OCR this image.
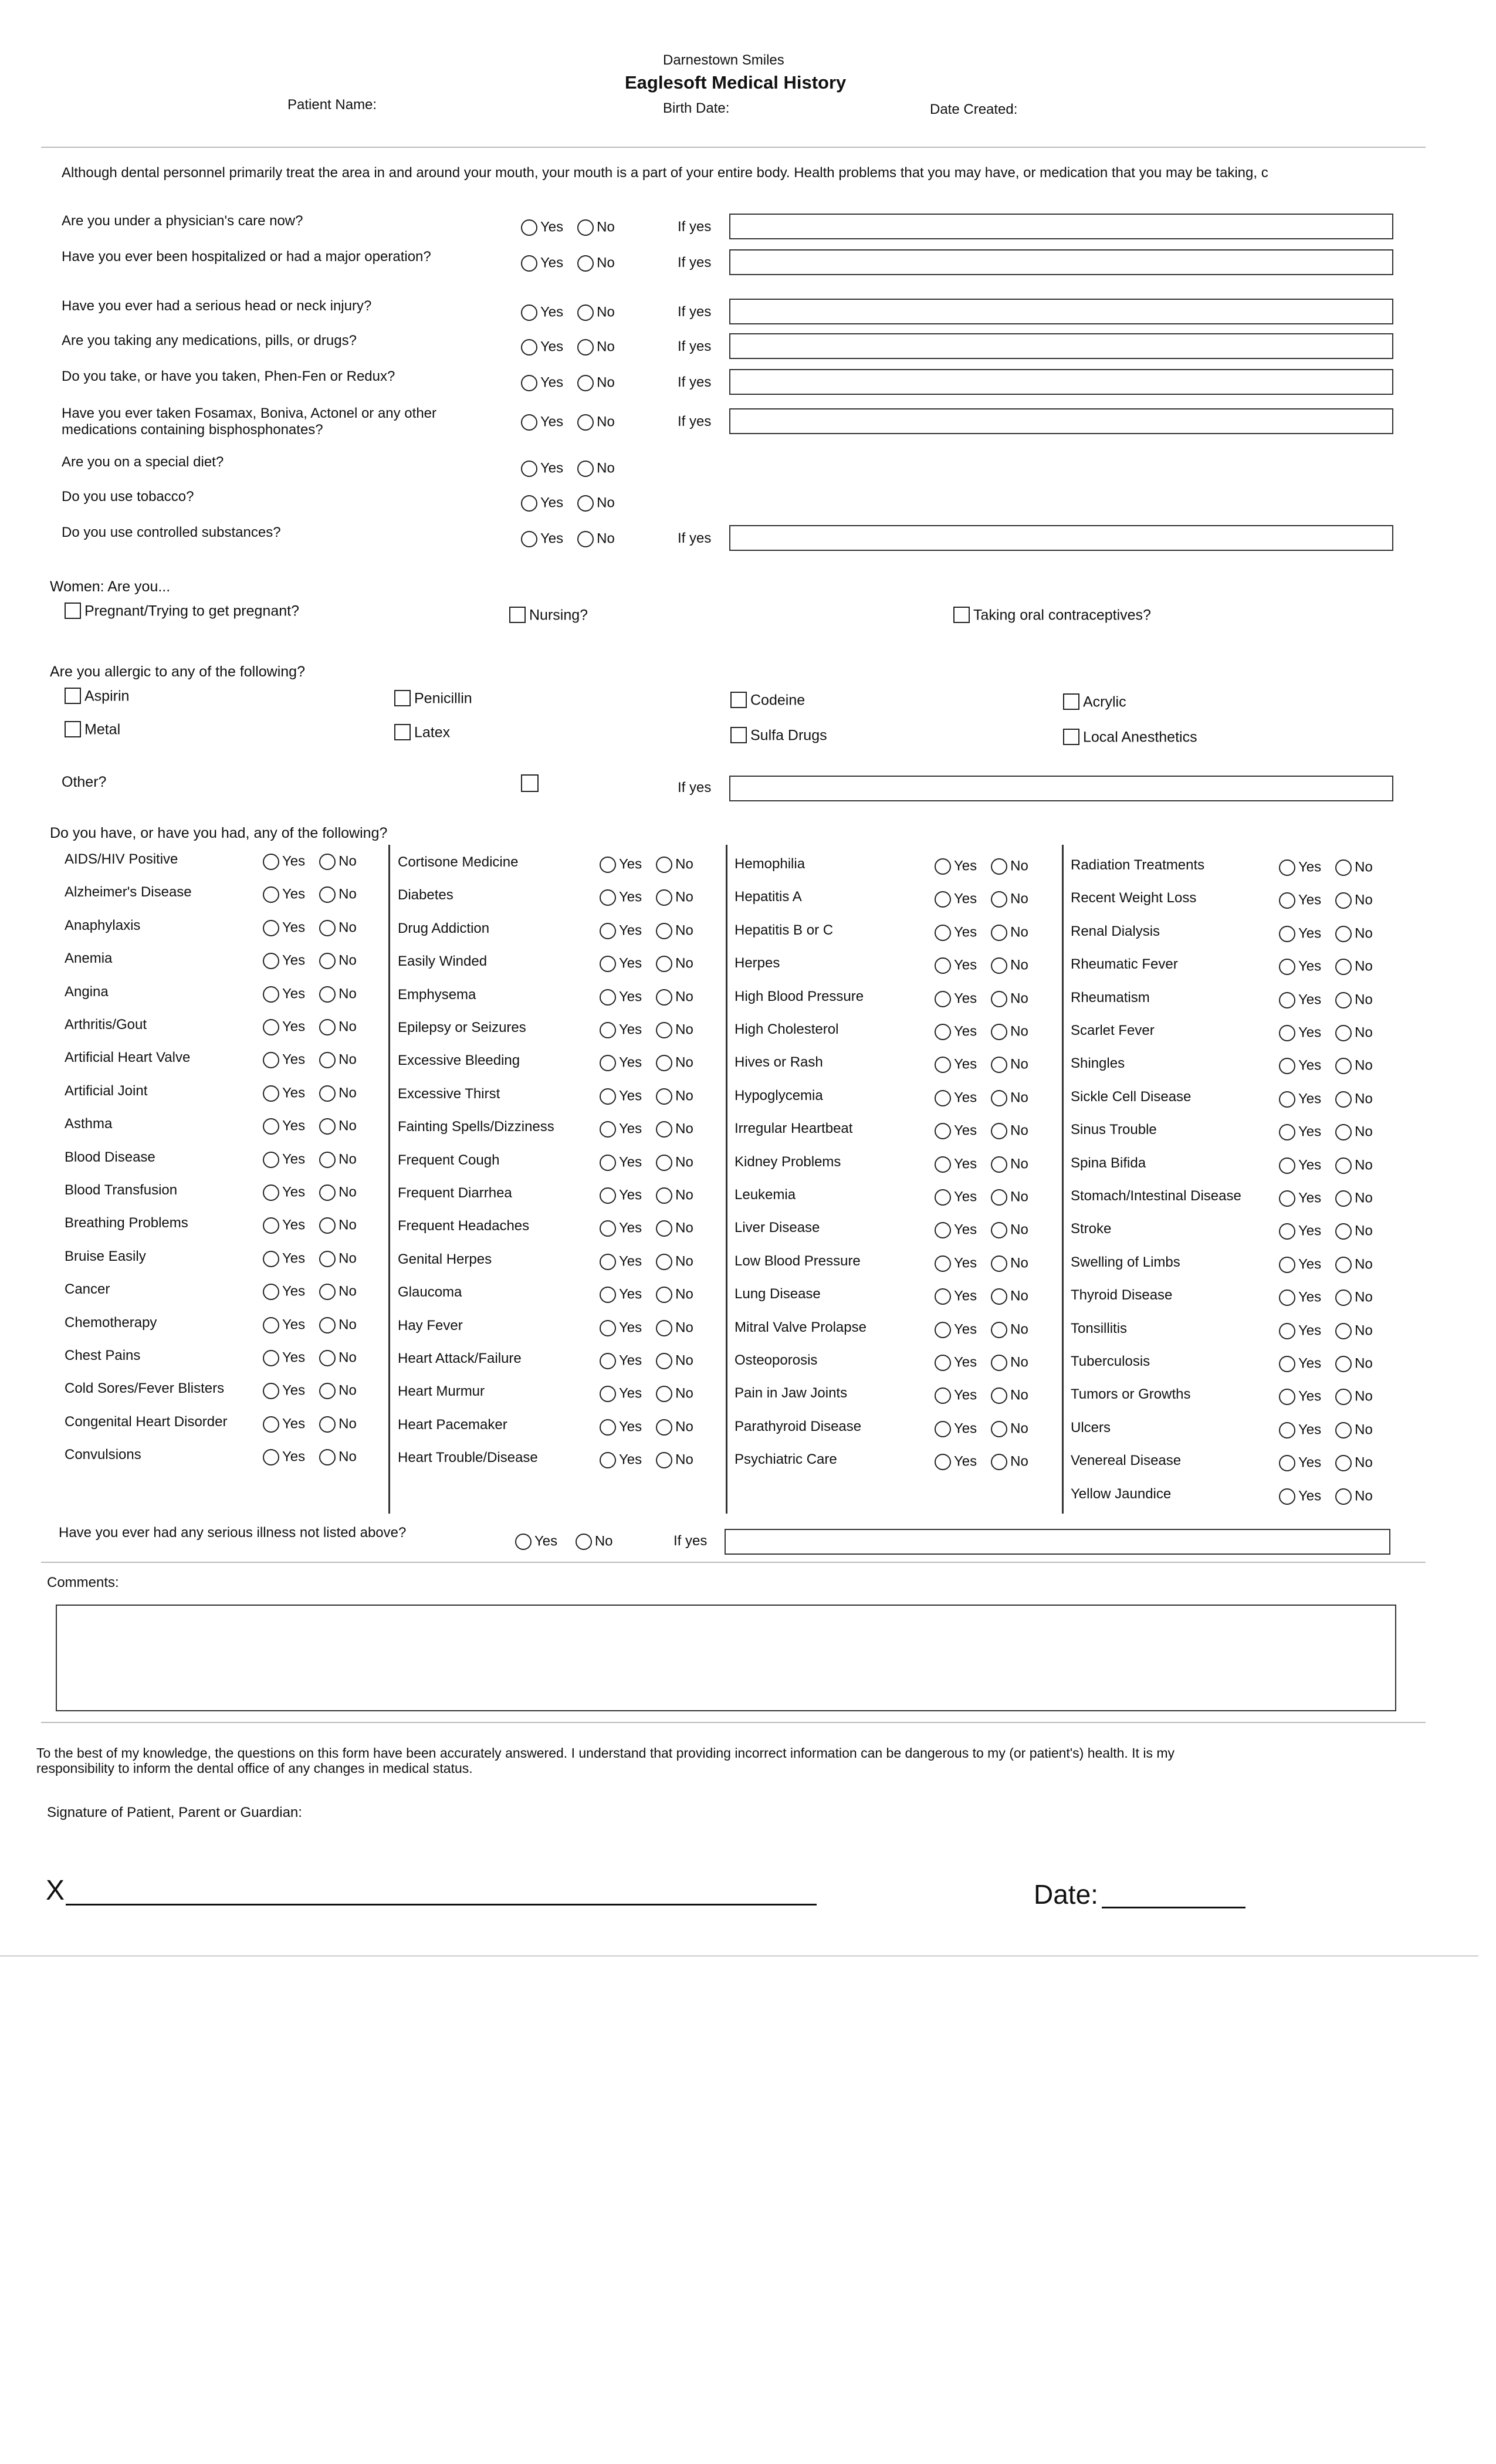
Darnestown Smiles
Eaglesoft Medical History
Patient Name:	Birth Date:	Date Created:
Although dental personnel primarily treat the area in and around your mouth, your mouth is a part of your entire body. Health problems that you may have, or medication that you may be taking, c
Are you under a physician's care now?	Yes No	If yes
Have you ever been hospitalized or had a major operation?	Yes No	If yes
Have you ever had a serious head or neck injury?	Yes No	If yes
Are you taking any medications, pills, or drugs?	Yes No	If yes
Do you take, or have you taken, Phen-Fen or Redux?	Yes No	If yes
Have you ever taken Fosamax, Boniva, Actonel or any other
medications containing bisphosphonates?	Yes No	If yes
Are you on a special diet?	Yes No
Do you use tobacco?	Yes No
Do you use controlled substances?	Yes No	If yes
Women: Are you...
Pregnant/Trying to get pregnant?	Nursing?	Taking oral contraceptives?
Are you allergic to any of the following?
Aspirin	Penicillin	Codeine	Acrylic
Metal	Latex	Sulfa Drugs	Local Anesthetics
Other?	If yes
Do you have, or have you had, any of the following?
AIDS/HIV Positive	Yes No
Alzheimer's Disease	Yes No
Anaphylaxis	Yes No
Anemia	Yes No
Angina	Yes No
Arthritis/Gout	Yes No
Artificial Heart Valve	Yes No
Artificial Joint	Yes No
Asthma	Yes No
Blood Disease	Yes No
Blood Transfusion	Yes No
Breathing Problems	Yes No
Bruise Easily	Yes No
Cancer	Yes No
Chemotherapy	Yes No
Chest Pains	Yes No
Cold Sores/Fever Blisters	Yes No
Congenital Heart Disorder	Yes No
Convulsions	Yes No
Cortisone Medicine	Yes No
Diabetes	Yes No
Drug Addiction	Yes No
Easily Winded	Yes No
Emphysema	Yes No
Epilepsy or Seizures	Yes No
Excessive Bleeding	Yes No
Excessive Thirst	Yes No
Fainting Spells/Dizziness	Yes No
Frequent Cough	Yes No
Frequent Diarrhea	Yes No
Frequent Headaches	Yes No
Genital Herpes	Yes No
Glaucoma	Yes No
Hay Fever	Yes No
Heart Attack/Failure	Yes No
Heart Murmur	Yes No
Heart Pacemaker	Yes No
Heart Trouble/Disease	Yes No
Hemophilia	Yes No
Hepatitis A	Yes No
Hepatitis B or C	Yes No
Herpes	Yes No
High Blood Pressure	Yes No
High Cholesterol	Yes No
Hives or Rash	Yes No
Hypoglycemia	Yes No
Irregular Heartbeat	Yes No
Kidney Problems	Yes No
Leukemia	Yes No
Liver Disease	Yes No
Low Blood Pressure	Yes No
Lung Disease	Yes No
Mitral Valve Prolapse	Yes No
Osteoporosis	Yes No
Pain in Jaw Joints	Yes No
Parathyroid Disease	Yes No
Psychiatric Care	Yes No
Radiation Treatments	Yes No
Recent Weight Loss	Yes No
Renal Dialysis	Yes No
Rheumatic Fever	Yes No
Rheumatism	Yes No
Scarlet Fever	Yes No
Shingles	Yes No
Sickle Cell Disease	Yes No
Sinus Trouble	Yes No
Spina Bifida	Yes No
Stomach/Intestinal Disease	Yes No
Stroke	Yes No
Swelling of Limbs	Yes No
Thyroid Disease	Yes No
Tonsillitis	Yes No
Tuberculosis	Yes No
Tumors or Growths	Yes No
Ulcers	Yes No
Venereal Disease	Yes No
Yellow Jaundice	Yes No
Have you ever had any serious illness not listed above?
Yes	No	If yes
Comments:
To the best of my knowledge, the questions on this form have been accurately answered. I understand that providing incorrect information can be dangerous to my (or patient's) health. It is my
responsibility to inform the dental office of any changes in medical status.
Signature of Patient, Parent or Guardian:
X	Date:
